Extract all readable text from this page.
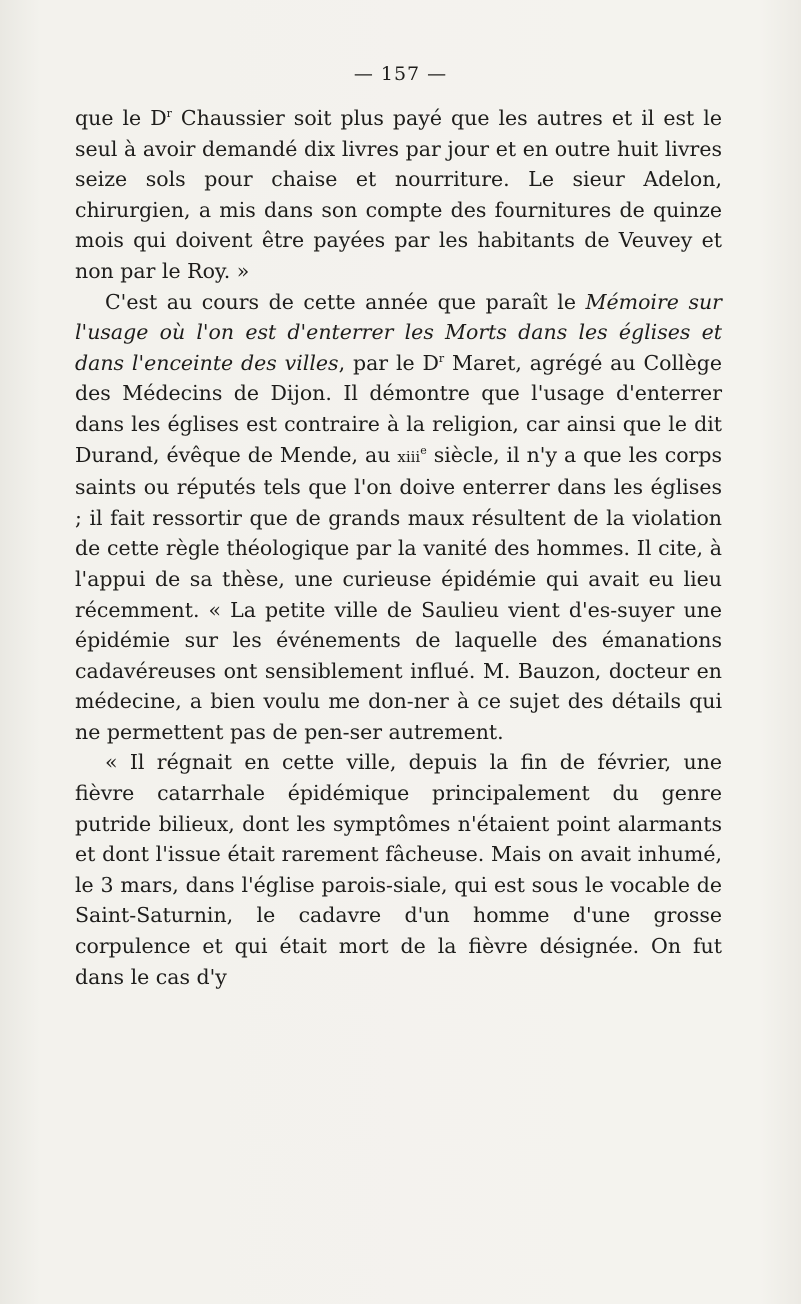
— 157 —

que le $D^r$ Chaussier soit plus payé que les autres et il est le seul à avoir demandé dix livres par jour et en outre huit livres seize sols pour chaise et nourriture. Le sieur Adelon, chirurgien, a mis dans son compte des fournitures de quinze mois qui doivent être payées par les habitants de Veuvey et non par le Roy. »

C'est au cours de cette année que paraît le Mémoire sur l'usage où l'on est d'enterrer les Morts dans les églises et dans l'enceinte des villes, par le $D^r$ Maret, agrégé au Collège des Médecins de Dijon. Il démontre que l'usage d'enterrer dans les églises est contraire à la religion, car ainsi que le dit Durand, évêque de Mende, au xiii$^e$ siècle, il n'y a que les corps saints ou réputés tels que l'on doive enterrer dans les églises ; il fait ressortir que de grands maux résultent de la violation de cette règle théologique par la vanité des hommes. Il cite, à l'appui de sa thèse, une curieuse épidémie qui avait eu lieu récemment. « La petite ville de Saulieu vient d'es-suyer une épidémie sur les événements de laquelle des émanations cadavéreuses ont sensiblement influé. M. Bauzon, docteur en médecine, a bien voulu me don-ner à ce sujet des détails qui ne permettent pas de pen-ser autrement.

« Il régnait en cette ville, depuis la fin de février, une fièvre catarrhale épidémique principalement du genre putride bilieux, dont les symptômes n'étaient point alarmants et dont l'issue était rarement fâcheuse. Mais on avait inhumé, le 3 mars, dans l'église parois-siale, qui est sous le vocable de Saint-Saturnin, le cadavre d'un homme d'une grosse corpulence et qui était mort de la fièvre désignée. On fut dans le cas d'y
